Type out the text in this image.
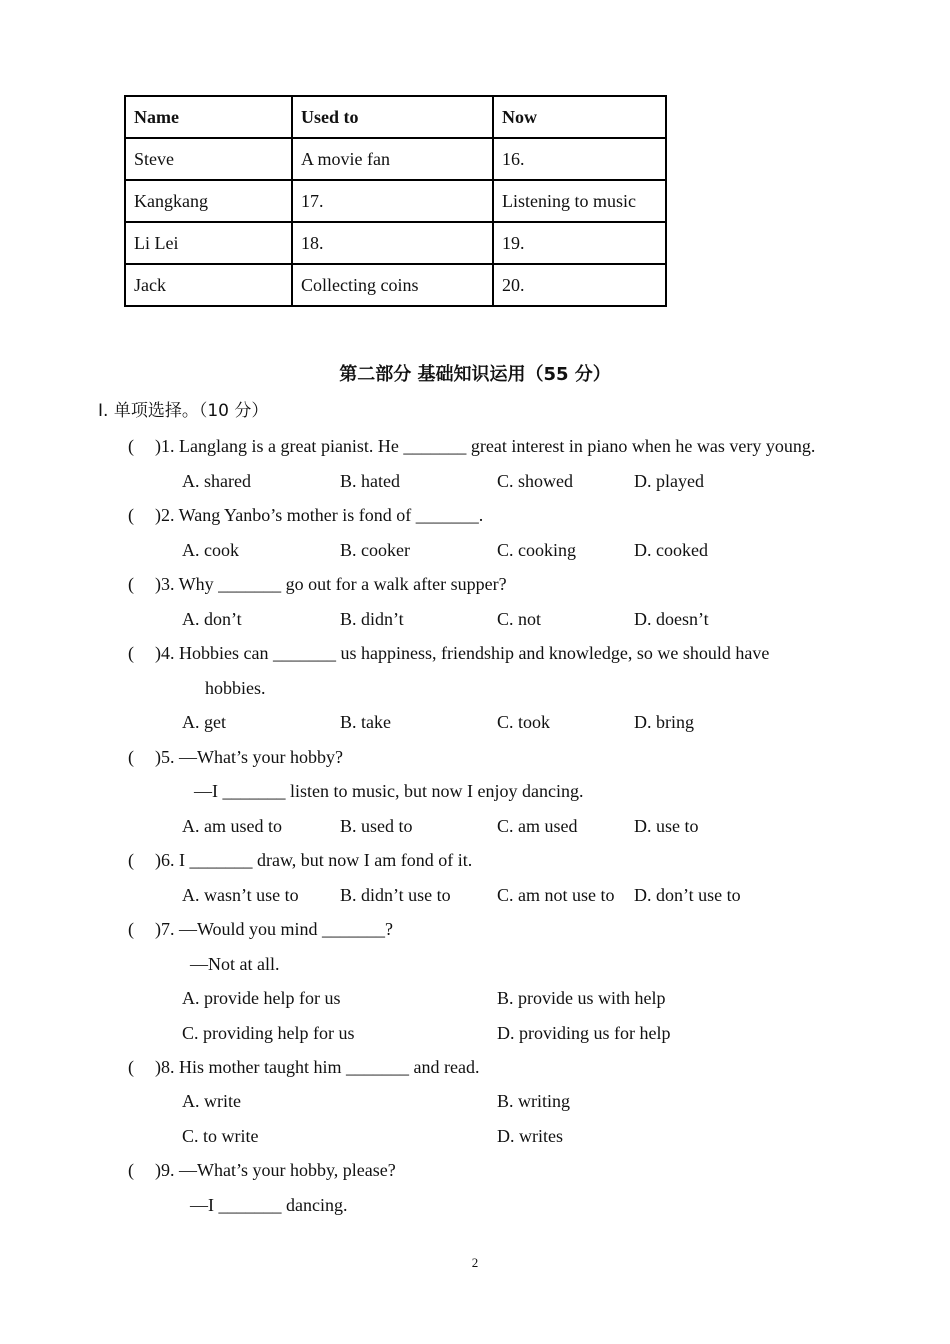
Name	Used to	Now
Steve	A movie fan	16.
Kangkang	17.	Listening to music
Li Lei	18.	19.
Jack	Collecting coins	20.
第二部分 基础知识运用（55 分）
Ⅰ. 单项选择。（10 分）
( )1. Langlang is a great pianist. He _______ great interest in piano when he was very young.
A. shared	B. hated	C. showed	D. played
( )2. Wang Yanbo’s mother is fond of _______.
A. cook	B. cooker	C. cooking	D. cooked
( )3. Why _______ go out for a walk after supper?
A. don’t	B. didn’t	C. not	D. doesn’t
( )4. Hobbies can _______ us happiness, friendship and knowledge, so we should have
hobbies.
A. get	B. take	C. took	D. bring
( )5. —What’s your hobby?
—I _______ listen to music, but now I enjoy dancing.
A. am used to	B. used to	C. am used	D. use to
( )6. I _______ draw, but now I am fond of it.
A. wasn’t use to B. didn’t use to	C. am not use to D. don’t use to
( )7. —Would you mind _______?
—Not at all.
A. provide help for us	B. provide us with help
C. providing help for us	D. providing us for help
( )8. His mother taught him _______ and read.
A. write	B. writing
C. to write	D. writes
( )9. —What’s your hobby, please?
—I _______ dancing.
2
